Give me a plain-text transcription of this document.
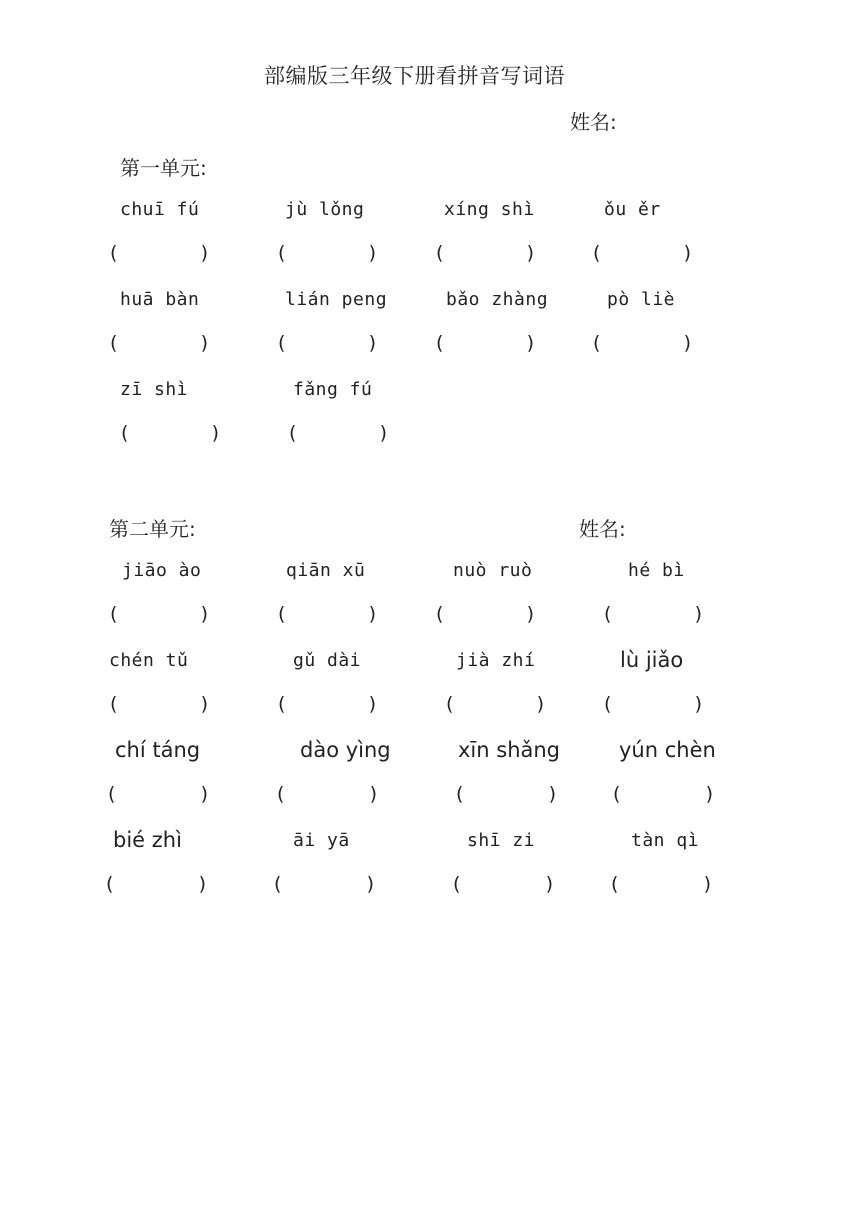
部编版三年级下册看拼音写词语
姓名:
第一单元:
chuī fú	jù lǒng	xíng shì	ǒu ěr
(	)	(	)	(	)	(	)
huā bàn	lián peng	bǎo zhàng	pò liè
(	)	(	)	(	)	(	)
zī shì	fǎng fú
(	)	(	)
第二单元:	姓名:
jiāo ào	qiān xū	nuò ruò	hé bì
(	)	(	)	(	)	(	)
chén tǔ	gǔ dài	jià zhí	lù jiǎo
(	)	(	)	(	)	(	)
chí táng	dào yìng	xīn shǎng	yún chèn
(	)	(	)	(	)	(	)
bié zhì	āi yā	shī zi	tàn qì
(	)	(	)	(	)	(	)
